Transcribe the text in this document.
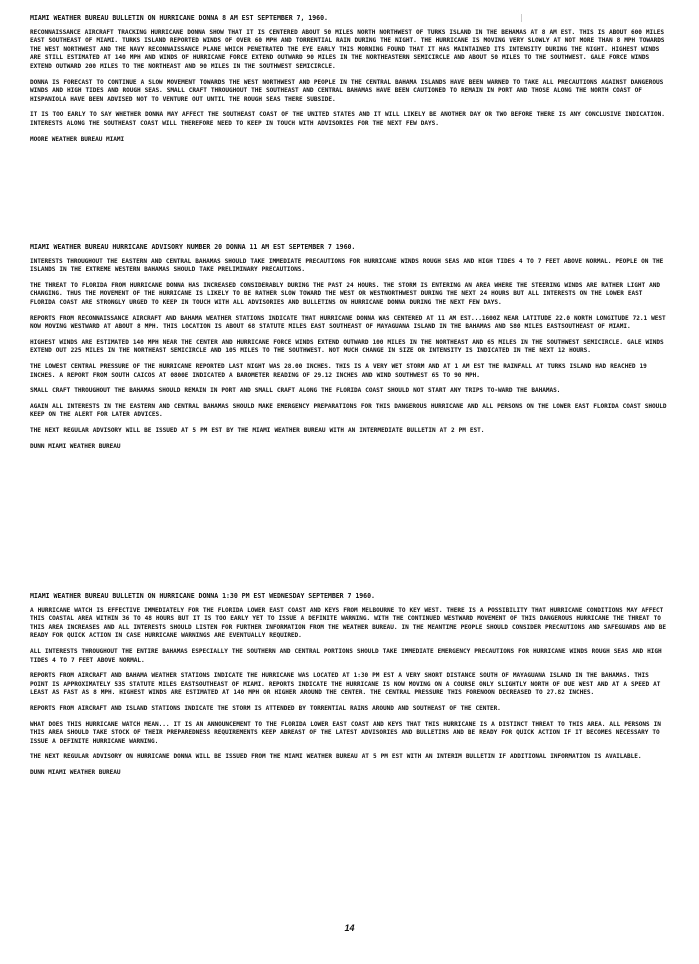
MIAMI WEATHER BUREAU BULLETIN ON HURRICANE DONNA 8 AM EST SEPTEMBER 7, 1960.

RECONNAISSANCE AIRCRAFT TRACKING HURRICANE DONNA SHOW THAT IT IS CENTERED ABOUT 50 MILES NORTH NORTHWEST OF TURKS ISLAND IN THE BEHAMAS AT 8 AM EST. THIS IS ABOUT 600 MILES EAST SOUTHEAST OF MIAMI. TURKS ISLAND REPORTED WINDS OF OVER 60 MPH AND TORRENTIAL RAIN DURING THE NIGHT. THE HURRICANE IS MOVING VERY SLOWLY AT NOT MORE THAN 8 MPH TOWARDS THE WEST NORTHWEST AND THE NAVY RECONNAISSANCE PLANE WHICH PENETRATED THE EYE EARLY THIS MORNING FOUND THAT IT HAS MAINTAINED ITS INTENSITY DURING THE NIGHT. HIGHEST WINDS ARE STILL ESTIMATED AT 140 MPH AND WINDS OF HURRICANE FORCE EXTEND OUTWARD 90 MILES IN THE NORTHEASTERN SEMICIRCLE AND ABOUT 50 MILES TO THE SOUTHWEST. GALE FORCE WINDS EXTEND OUTWARD 200 MILES TO THE NORTHEAST AND 90 MILES IN THE SOUTHWEST SEMICIRCLE.

DONNA IS FORECAST TO CONTINUE A SLOW MOVEMENT TOWARDS THE WEST NORTHWEST AND PEOPLE IN THE CENTRAL BAHAMA ISLANDS HAVE BEEN WARNED TO TAKE ALL PRECAUTIONS AGAINST DANGEROUS WINDS AND HIGH TIDES AND ROUGH SEAS. SMALL CRAFT THROUGHOUT THE SOUTHEAST AND CENTRAL BAHAMAS HAVE BEEN CAUTIONED TO REMAIN IN PORT AND THOSE ALONG THE NORTH COAST OF HISPANIOLA HAVE BEEN ADVISED NOT TO VENTURE OUT UNTIL THE ROUGH SEAS THERE SUBSIDE.

IT IS TOO EARLY TO SAY WHETHER DONNA MAY AFFECT THE SOUTHEAST COAST OF THE UNITED STATES AND IT WILL LIKELY BE ANOTHER DAY OR TWO BEFORE THERE IS ANY CONCLUSIVE INDICATION. INTERESTS ALONG THE SOUTHEAST COAST WILL THEREFORE NEED TO KEEP IN TOUCH WITH ADVISORIES FOR THE NEXT FEW DAYS.

MOORE WEATHER BUREAU MIAMI

MIAMI WEATHER BUREAU HURRICANE ADVISORY NUMBER 20 DONNA 11 AM EST SEPTEMBER 7 1960.

INTERESTS THROUGHOUT THE EASTERN AND CENTRAL BAHAMAS SHOULD TAKE IMMEDIATE PRECAUTIONS FOR HURRICANE WINDS ROUGH SEAS AND HIGH TIDES 4 TO 7 FEET ABOVE NORMAL. PEOPLE ON THE ISLANDS IN THE EXTREME WESTERN BAHAMAS SHOULD TAKE PRELIMINARY PRECAUTIONS.

THE THREAT TO FLORIDA FROM HURRICANE DONNA HAS INCREASED CONSIDERABLY DURING THE PAST 24 HOURS. THE STORM IS ENTERING AN AREA WHERE THE STEERING WINDS ARE RATHER LIGHT AND CHANGING. THUS THE MOVEMENT OF THE HURRICANE IS LIKELY TO BE RATHER SLOW TOWARD THE WEST OR WESTNORTHWEST DURING THE NEXT 24 HOURS BUT ALL INTERESTS ON THE LOWER EAST FLORIDA COAST ARE STRONGLY URGED TO KEEP IN TOUCH WITH ALL ADVISORIES AND BULLETINS ON HURRICANE DONNA DURING THE NEXT FEW DAYS.

REPORTS FROM RECONNAISSANCE AIRCRAFT AND BAHAMA WEATHER STATIONS INDICATE THAT HURRICANE DONNA WAS CENTERED AT 11 AM EST...1600Z NEAR LATITUDE 22.0 NORTH LONGITUDE 72.1 WEST NOW MOVING WESTWARD AT ABOUT 8 MPH. THIS LOCATION IS ABOUT 68 STATUTE MILES EAST SOUTHEAST OF MAYAGUANA ISLAND IN THE BAHAMAS AND 580 MILES EASTSOUTHEAST OF MIAMI.

HIGHEST WINDS ARE ESTIMATED 140 MPH NEAR THE CENTER AND HURRICANE FORCE WINDS EXTEND OUTWARD 100 MILES IN THE NORTHEAST AND 65 MILES IN THE SOUTHWEST SEMICIRCLE. GALE WINDS EXTEND OUT 225 MILES IN THE NORTHEAST SEMICIRCLE AND 105 MILES TO THE SOUTHWEST. NOT MUCH CHANGE IN SIZE OR INTENSITY IS INDICATED IN THE NEXT 12 HOURS.

THE LOWEST CENTRAL PRESSURE OF THE HURRICANE REPORTED LAST NIGHT WAS 28.00 INCHES. THIS IS A VERY WET STORM AND AT 1 AM EST THE RAINFALL AT TURKS ISLAND HAD REACHED 19 INCHES. A REPORT FROM SOUTH CAICOS AT 0800E INDICATED A BAROMETER READING OF 29.12 INCHES AND WIND SOUTHWEST 65 TO 90 MPH.

SMALL CRAFT THROUGHOUT THE BAHAMAS SHOULD REMAIN IN PORT AND SMALL CRAFT ALONG THE FLORIDA COAST SHOULD NOT START ANY TRIPS TO-WARD THE BAHAMAS.

AGAIN ALL INTERESTS IN THE EASTERN AND CENTRAL BAHAMAS SHOULD MAKE EMERGENCY PREPARATIONS FOR THIS DANGEROUS HURRICANE AND ALL PERSONS ON THE LOWER EAST FLORIDA COAST SHOULD KEEP ON THE ALERT FOR LATER ADVICES.

THE NEXT REGULAR ADVISORY WILL BE ISSUED AT 5 PM EST BY THE MIAMI WEATHER BUREAU WITH AN INTERMEDIATE BULLETIN AT 2 PM EST.

DUNN MIAMI WEATHER BUREAU

MIAMI WEATHER BUREAU BULLETIN ON HURRICANE DONNA 1:30 PM EST WEDNESDAY SEPTEMBER 7 1960.

A HURRICANE WATCH IS EFFECTIVE IMMEDIATELY FOR THE FLORIDA LOWER EAST COAST AND KEYS FROM MELBOURNE TO KEY WEST. THERE IS A POSSIBILITY THAT HURRICANE CONDITIONS MAY AFFECT THIS COASTAL AREA WITHIN 36 TO 48 HOURS BUT IT IS TOO EARLY YET TO ISSUE A DEFINITE WARNING. WITH THE CONTINUED WESTWARD MOVEMENT OF THIS DANGEROUS HURRICANE THE THREAT TO THIS AREA INCREASES AND ALL INTERESTS SHOULD LISTEN FOR FURTHER INFORMATION FROM THE WEATHER BUREAU. IN THE MEANTIME PEOPLE SHOULD CONSIDER PRECAUTIONS AND SAFEGUARDS AND BE READY FOR QUICK ACTION IN CASE HURRICANE WARNINGS ARE EVENTUALLY REQUIRED.

ALL INTERESTS THROUGHOUT THE ENTIRE BAHAMAS ESPECIALLY THE SOUTHERN AND CENTRAL PORTIONS SHOULD TAKE IMMEDIATE EMERGENCY PRECAUTIONS FOR HURRICANE WINDS ROUGH SEAS AND HIGH TIDES 4 TO 7 FEET ABOVE NORMAL.

REPORTS FROM AIRCRAFT AND BAHAMA WEATHER STATIONS INDICATE THE HURRICANE WAS LOCATED AT 1:30 PM EST A VERY SHORT DISTANCE SOUTH OF MAYAGUANA ISLAND IN THE BAHAMAS. THIS POINT IS APPROXIMATELY 535 STATUTE MILES EASTSOUTHEAST OF MIAMI. REPORTS INDICATE THE HURRICANE IS NOW MOVING ON A COURSE ONLY SLIGHTLY NORTH OF DUE WEST AND AT A SPEED AT LEAST AS FAST AS 8 MPH. HIGHEST WINDS ARE ESTIMATED AT 140 MPH OR HIGHER AROUND THE CENTER. THE CENTRAL PRESSURE THIS FORENOON DECREASED TO 27.82 INCHES.

REPORTS FROM AIRCRAFT AND ISLAND STATIONS INDICATE THE STORM IS ATTENDED BY TORRENTIAL RAINS AROUND AND SOUTHEAST OF THE CENTER.

WHAT DOES THIS HURRICANE WATCH MEAN... IT IS AN ANNOUNCEMENT TO THE FLORIDA LOWER EAST COAST AND KEYS THAT THIS HURRICANE IS A DISTINCT THREAT TO THIS AREA. ALL PERSONS IN THIS AREA SHOULD TAKE STOCK OF THEIR PREPAREDNESS REQUIREMENTS KEEP ABREAST OF THE LATEST ADVISORIES AND BULLETINS AND BE READY FOR QUICK ACTION IF IT BECOMES NECESSARY TO ISSUE A DEFINITE HURRICANE WARNING.

THE NEXT REGULAR ADVISORY ON HURRICANE DONNA WILL BE ISSUED FROM THE MIAMI WEATHER BUREAU AT 5 PM EST WITH AN INTERIM BULLETIN IF ADDITIONAL INFORMATION IS AVAILABLE.

DUNN MIAMI WEATHER BUREAU

14
